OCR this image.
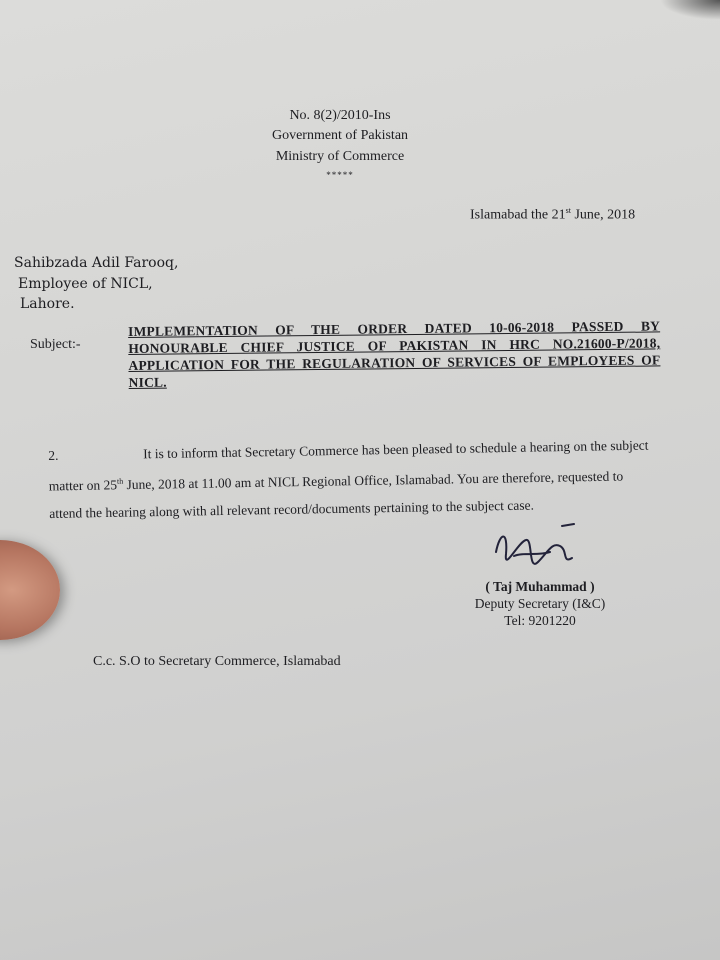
No. 8(2)/2010-Ins
Government of Pakistan
Ministry of Commerce
*****
Islamabad the 21st June, 2018
Sahibzada Adil Farooq,
Employee of NICL,
Lahore.
Subject:-
IMPLEMENTATION OF THE ORDER DATED 10-06-2018 PASSED BY HONOURABLE CHIEF JUSTICE OF PAKISTAN IN HRC NO.21600-P/2018, APPLICATION FOR THE REGULARATION OF SERVICES OF EMPLOYEES OF NICL.
2.	It is to inform that Secretary Commerce has been pleased to schedule a hearing on the subject matter on 25th June, 2018 at 11.00 am at NICL Regional Office, Islamabad. You are therefore, requested to attend the hearing along with all relevant record/documents pertaining to the subject case.
( Taj Muhammad )
Deputy Secretary (I&C)
Tel: 9201220
C.c. S.O to Secretary Commerce, Islamabad
